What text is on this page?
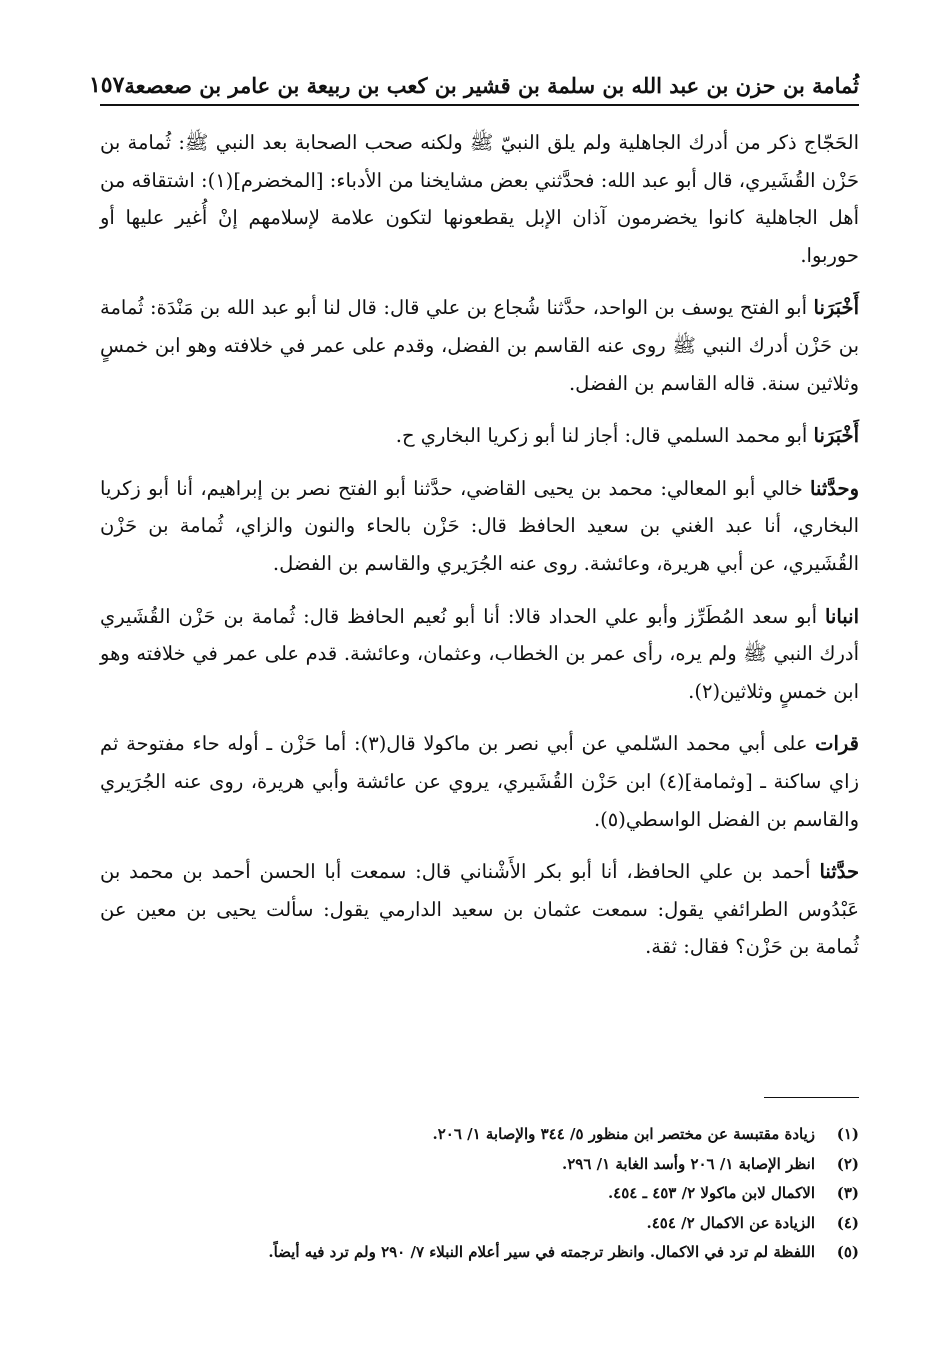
ثُمامة بن حزن بن عبد الله بن سلمة بن قشير بن كعب بن ربيعة بن عامر بن صعصعة
١٥٧

الحَجّاج ذكر من أدرك الجاهلية ولم يلق النبيّ ﷺ ولكنه صحب الصحابة بعد النبي ﷺ: ثُمامة بن حَزْن القُشَيري، قال أبو عبد الله: فحدَّثني بعض مشايخنا من الأدباء: [المخضرم](١): اشتقاقه من أهل الجاهلية كانوا يخضرمون آذان الإبل يقطعونها لتكون علامة لإسلامهم إنْ أُغير عليها أو حوربوا.

أَخْبَرَنا أبو الفتح يوسف بن الواحد، حدَّثنا شُجاع بن علي قال: قال لنا أبو عبد الله بن مَنْدَة: ثُمامة بن حَزْن أدرك النبي ﷺ روى عنه القاسم بن الفضل، وقدم على عمر في خلافته وهو ابن خمسٍ وثلاثين سنة. قاله القاسم بن الفضل.

أَخْبَرَنا أبو محمد السلمي قال: أجاز لنا أبو زكريا البخاري ح.

وحدَّثنا خالي أبو المعالي: محمد بن يحيى القاضي، حدَّثنا أبو الفتح نصر بن إبراهيم، أنا أبو زكريا البخاري، أنا عبد الغني بن سعيد الحافظ قال: حَزْن بالحاء والنون والزاي، ثُمامة بن حَزْن القُشَيري، عن أبي هريرة، وعائشة. روى عنه الجُرَيري والقاسم بن الفضل.

انبانا أبو سعد المُطَرِّز وأبو علي الحداد قالا: أنا أبو نُعيم الحافظ قال: ثُمامة بن حَزْن القُشَيري أدرك النبي ﷺ ولم يره، رأى عمر بن الخطاب، وعثمان، وعائشة. قدم على عمر في خلافته وهو ابن خمسٍ وثلاثين(٢).

قرات على أبي محمد السّلمي عن أبي نصر بن ماكولا قال(٣): أما حَزْن ـ أوله حاء مفتوحة ثم زاي ساكنة ـ [وثمامة](٤) ابن حَزْن القُشَيري، يروي عن عائشة وأبي هريرة، روى عنه الجُرَيري والقاسم بن الفضل الواسطي(٥).

حدَّثنا أحمد بن علي الحافظ، أنا أبو بكر الأَشْناني قال: سمعت أبا الحسن أحمد بن محمد بن عَبْدُوس الطرائفي يقول: سمعت عثمان بن سعيد الدارمي يقول: سألت يحيى بن معين عن ثُمامة بن حَزْن؟ فقال: ثقة.

(١)
زيادة مقتبسة عن مختصر ابن منظور ٥/ ٣٤٤ والإصابة ١/ ٢٠٦.
(٢)
انظر الإصابة ١/ ٢٠٦ وأسد الغابة ١/ ٢٩٦.
(٣)
الاكمال لابن ماكولا ٢/ ٤٥٣ ـ ٤٥٤.
(٤)
الزيادة عن الاكمال ٢/ ٤٥٤.
(٥)
اللفظة لم ترد في الاكمال. وانظر ترجمته في سير أعلام النبلاء ٧/ ٢٩٠ ولم ترد فيه أيضاً.
